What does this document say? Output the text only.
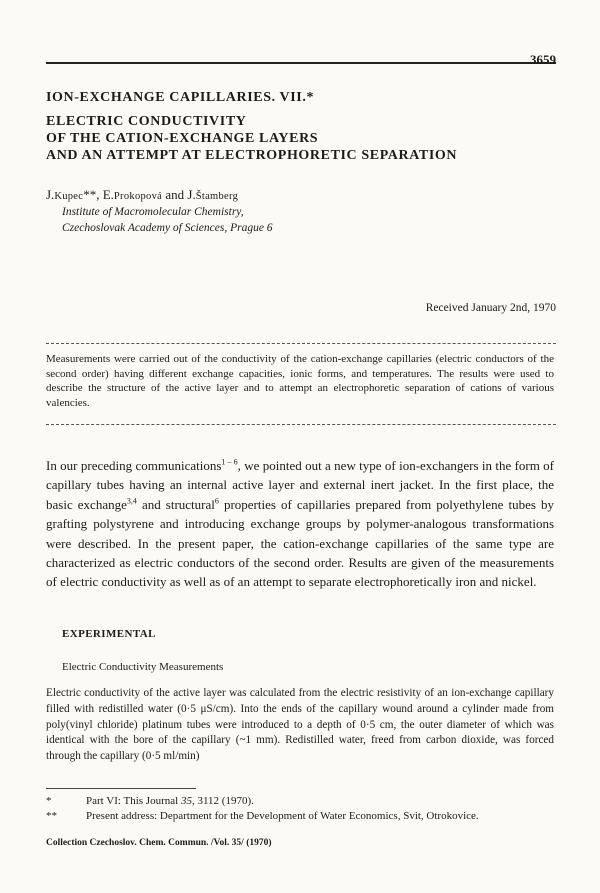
3659
ION-EXCHANGE CAPILLARIES. VII.*
ELECTRIC CONDUCTIVITY
OF THE CATION-EXCHANGE LAYERS
AND AN ATTEMPT AT ELECTROPHORETIC SEPARATION
J.Kupec**, E.Prokopová and J.Štamberg
Institute of Macromolecular Chemistry,
Czechoslovak Academy of Sciences, Prague 6
Received January 2nd, 1970
Measurements were carried out of the conductivity of the cation-exchange capillaries (electric conductors of the second order) having different exchange capacities, ionic forms, and temperatures. The results were used to describe the structure of the active layer and to attempt an electrophoretic separation of cations of various valencies.
In our preceding communications$^{1 - 6}$, we pointed out a new type of ion-exchangers in the form of capillary tubes having an internal active layer and external inert jacket. In the first place, the basic exchange$^{3,4}$ and structural$^6$ properties of capillaries prepared from polyethylene tubes by grafting polystyrene and introducing exchange groups by polymer-analogous transformations were described. In the present paper, the cation-exchange capillaries of the same type are characterized as electric conductors of the second order. Results are given of the measurements of electric conductivity as well as of an attempt to separate electrophoretically iron and nickel.
EXPERIMENTAL
Electric Conductivity Measurements
Electric conductivity of the active layer was calculated from the electric resistivity of an ion-exchange capillary filled with redistilled water (0·5 μS/cm). Into the ends of the capillary wound around a cylinder made from poly(vinyl chloride) platinum tubes were introduced to a depth of 0·5 cm, the outer diameter of which was identical with the bore of the capillary (~1 mm). Redistilled water, freed from carbon dioxide, was forced through the capillary (0·5 ml/min)
*	Part VI: This Journal 35, 3112 (1970).
**	Present address: Department for the Development of Water Economics, Svit, Otrokovice.
Collection Czechoslov. Chem. Commun. /Vol. 35/ (1970)
